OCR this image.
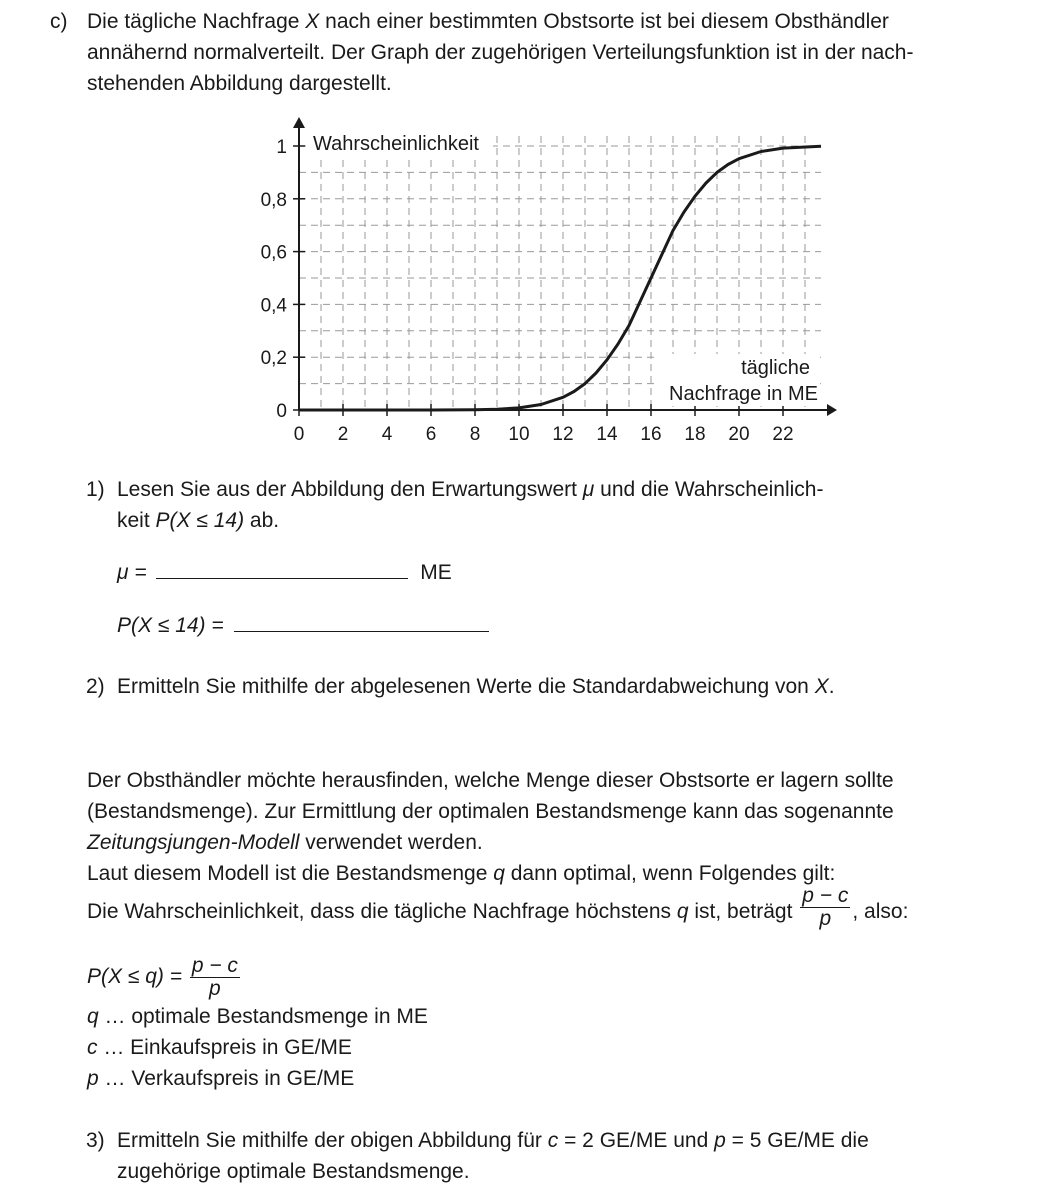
c) Die tägliche Nachfrage X nach einer bestimmten Obstsorte ist bei diesem Obsthändler
annähernd normalverteilt. Der Graph der zugehörigen Verteilungsfunktion ist in der nach-
stehenden Abbildung dargestellt.
0 2 4 6 8 10 12 14 16 18 20 22
0
0,2
0,4
0,6
0,8
1 Wahrscheinlichkeit
tägliche
Nachfrage in ME
1) Lesen Sie aus der Abbildung den Erwartungswert μ und die Wahrscheinlich-
keit P(X ≤ 14) ab.
μ =	ME
P(X ≤ 14) =
2) Ermitteln Sie mithilfe der abgelesenen Werte die Standardabweichung von X.
Der Obsthändler möchte herausfinden, welche Menge dieser Obstsorte er lagern sollte
(Bestandsmenge). Zur Ermittlung der optimalen Bestandsmenge kann das sogenannte
Zeitungsjungen-Modell verwendet werden.
Laut diesem Modell ist die Bestandsmenge q dann optimal, wenn Folgendes gilt:
Die Wahrscheinlichkeit, dass die tägliche Nachfrage höchstens q ist, beträgt $\frac{p - c}{p}$ , also:
$P(X \le q) = \frac{p - c}{p}$
q … optimale Bestandsmenge in ME
c … Einkaufspreis in GE/ME
p … Verkaufspreis in GE/ME
3) Ermitteln Sie mithilfe der obigen Abbildung für c = 2 GE/ME und p = 5 GE/ME die
zugehörige optimale Bestandsmenge.
